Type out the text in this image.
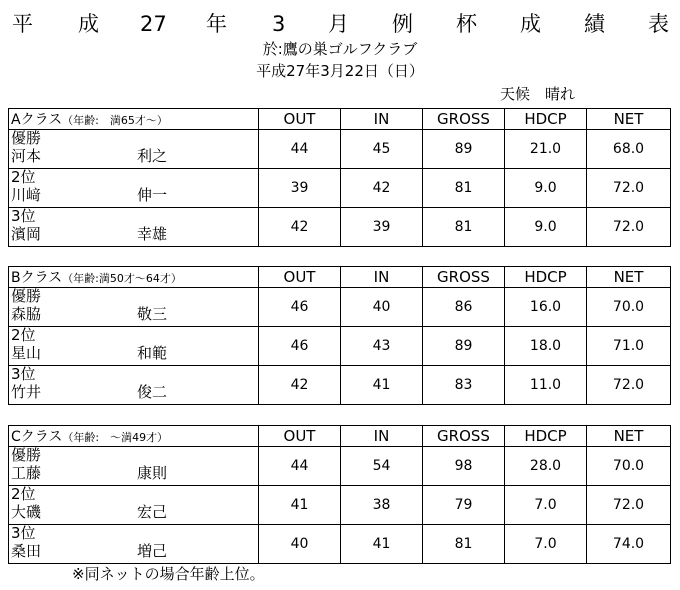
平 成 27 年 3 月 例 杯 成 績 表
於:鷹の巣ゴルフクラブ
平成27年3月22日（日）
天候　晴れ
Aクラス（年齢:　満65才～）	OUT	IN	GROSS	HDCP	NET

優勝
河本 利之	44	45	89	21.0	68.0

2位
川﨑 伸一	39	42	81	9.0	72.0

3位
濱岡 幸雄	42	39	81	9.0	72.0
Bクラス（年齢:満50才～64才）	OUT	IN	GROSS	HDCP	NET

優勝
森脇 敬三	46	40	86	16.0	70.0

2位
星山 和範	46	43	89	18.0	71.0

3位
竹井 俊二	42	41	83	11.0	72.0
Cクラス（年齢:　～満49才）	OUT	IN	GROSS	HDCP	NET

優勝
工藤 康則	44	54	98	28.0	70.0

2位
大磯 宏己	41	38	79	7.0	72.0

3位
桑田 増己	40	41	81	7.0	74.0
※同ネットの場合年齢上位。
